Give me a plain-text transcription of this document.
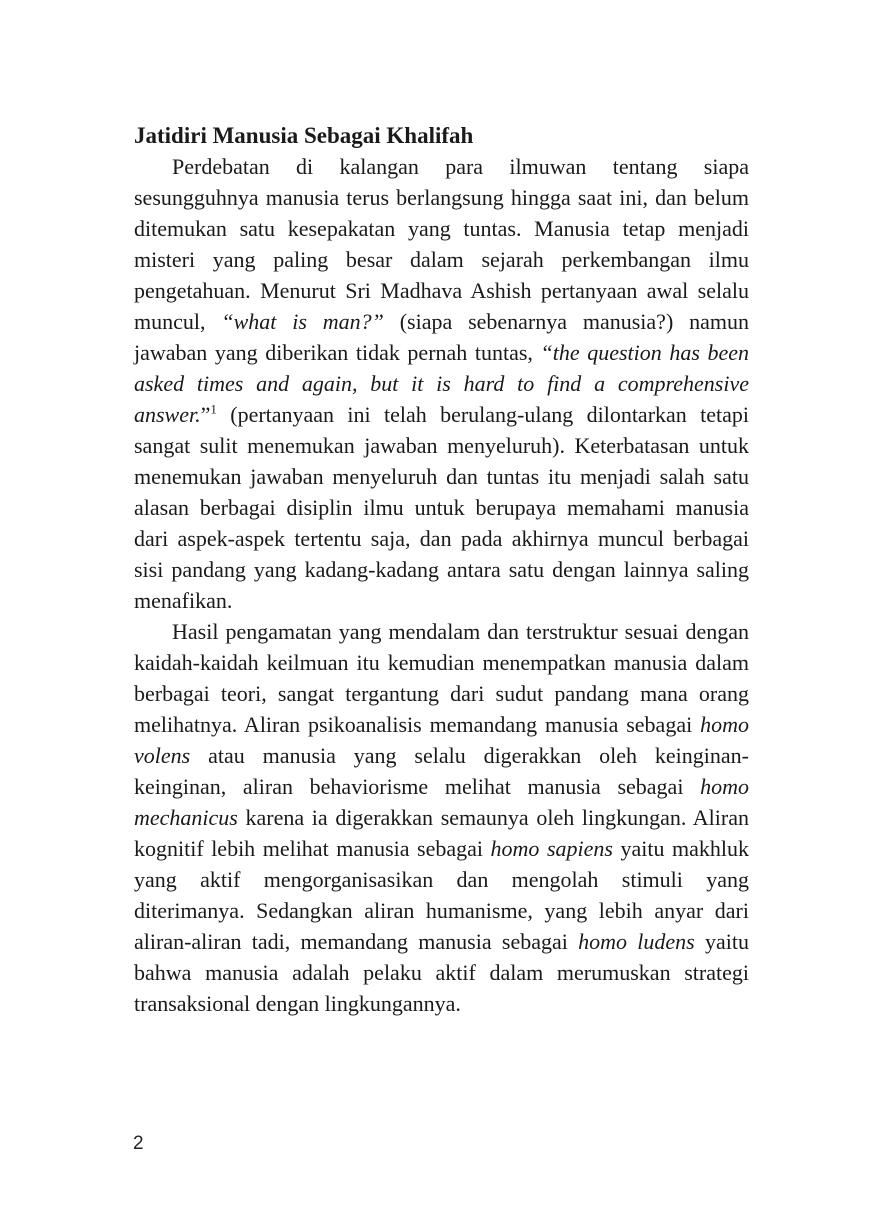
Jatidiri Manusia Sebagai Khalifah

Perdebatan di kalangan para ilmuwan tentang siapa sesungguhnya manusia terus berlangsung hingga saat ini, dan belum ditemukan satu kesepakatan yang tuntas. Manusia tetap menjadi misteri yang paling besar dalam sejarah perkembangan ilmu pengetahuan. Menurut Sri Madhava Ashish pertanyaan awal selalu muncul, “what is man?” (siapa sebenarnya manusia?) namun jawaban yang diberikan tidak pernah tuntas, “the question has been asked times and again, but it is hard to find a comprehensive answer.”$^1$ (pertanyaan ini telah berulang-ulang dilontarkan tetapi sangat sulit menemukan jawaban menyeluruh). Keterbatasan untuk menemukan jawaban menyeluruh dan tuntas itu menjadi salah satu alasan berbagai disiplin ilmu untuk berupaya memahami manusia dari aspek-aspek tertentu saja, dan pada akhirnya muncul berbagai sisi pandang yang kadang-kadang antara satu dengan lainnya saling menafikan.

Hasil pengamatan yang mendalam dan terstruktur sesuai dengan kaidah-kaidah keilmuan itu kemudian menempatkan manusia dalam berbagai teori, sangat tergantung dari sudut pandang mana orang melihatnya. Aliran psikoanalisis memandang manusia sebagai homo volens atau manusia yang selalu digerakkan oleh keinginan-keinginan, aliran behaviorisme melihat manusia sebagai homo mechanicus karena ia digerakkan semaunya oleh lingkungan. Aliran kognitif lebih melihat manusia sebagai homo sapiens yaitu makhluk yang aktif mengorganisasikan dan mengolah stimuli yang diterimanya. Sedangkan aliran humanisme, yang lebih anyar dari aliran-aliran tadi, memandang manusia sebagai homo ludens yaitu bahwa manusia adalah pelaku aktif dalam merumuskan strategi transaksional dengan lingkungannya.

2
